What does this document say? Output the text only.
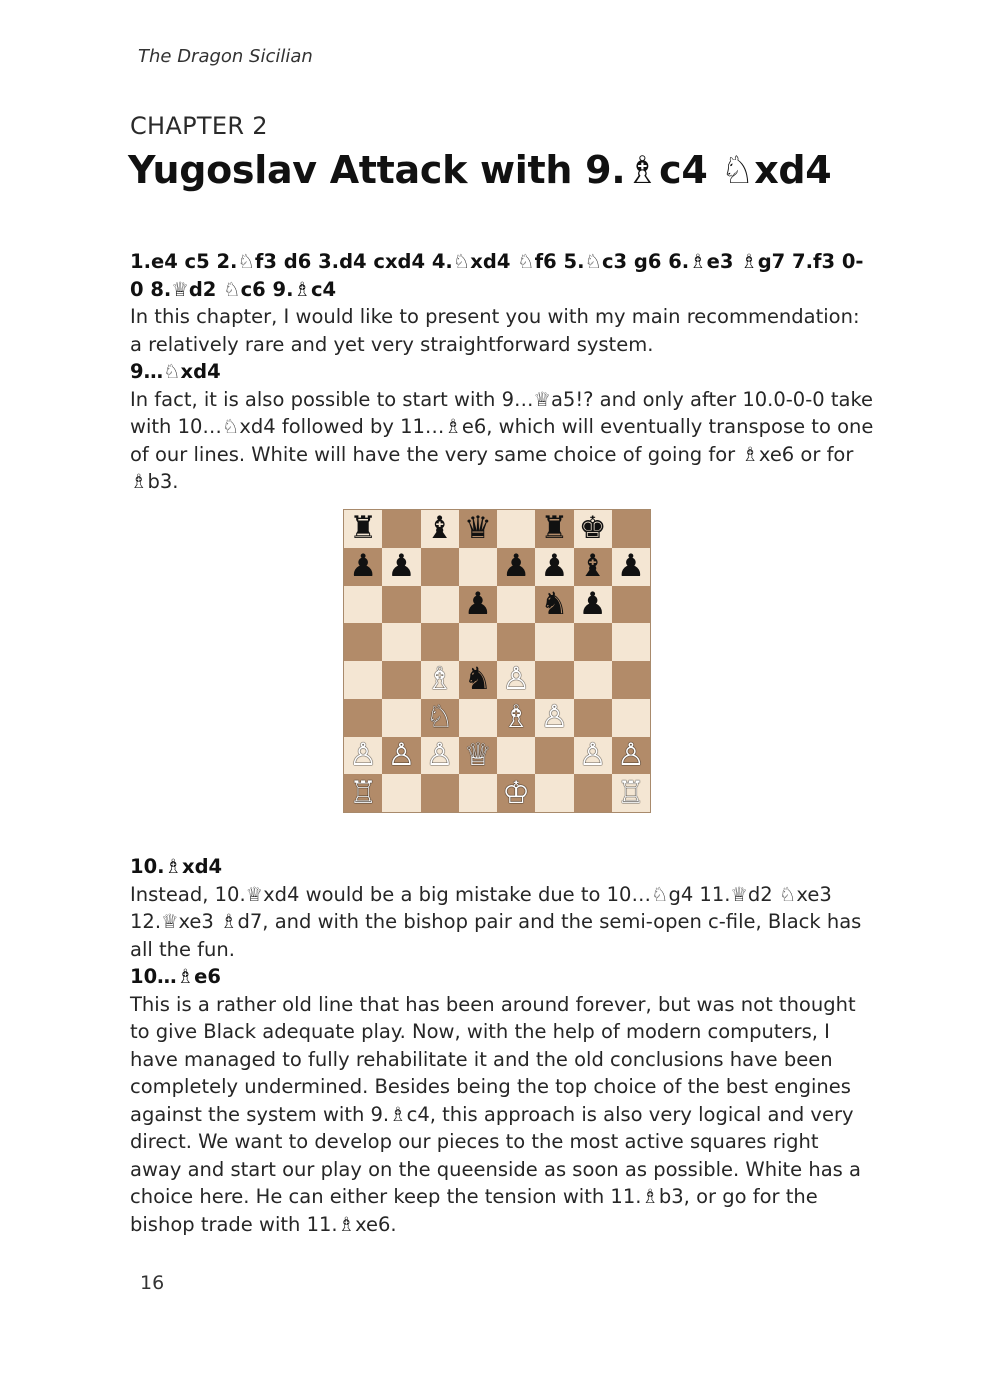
The Dragon Sicilian
CHAPTER 2
Yugoslav Attack with 9.♗c4 ♘xd4

1.e4 c5 2.♘f3 d6 3.d4 cxd4 4.♘xd4 ♘f6 5.♘c3 g6 6.♗e3 ♗g7 7.f3 0-0 8.♕d2 ♘c6 9.♗c4

In this chapter, I would like to present you with my main recommendation: a relatively rare and yet very straightforward system.

9…♘xd4

In fact, it is also possible to start with 9…♕a5!? and only after 10.0-0-0 take with 10…♘xd4 followed by 11…♗e6, which will eventually transpose to one of our lines. White will have the very same choice of going for ♗xe6 or for ♗b3.

♜ ♝ ♛ ♜ ♚
♟ ♟	♟ ♟ ♝ ♟
♟ ♞ ♟
♗ ♞ ♙
♘ ♗ ♙
♙ ♙ ♙ ♕	♙ ♙
♖	♔	♖

10.♗xd4

Instead, 10.♕xd4 would be a big mistake due to 10…♘g4 11.♕d2 ♘xe3 12.♕xe3 ♗d7, and with the bishop pair and the semi-open c-file, Black has all the fun.

10…♗e6

This is a rather old line that has been around forever, but was not thought to give Black adequate play. Now, with the help of modern computers, I have managed to fully rehabilitate it and the old conclusions have been completely undermined. Besides being the top choice of the best engines against the system with 9.♗c4, this approach is also very logical and very direct. We want to develop our pieces to the most active squares right away and start our play on the queenside as soon as possible. White has a choice here. He can either keep the tension with 11.♗b3, or go for the bishop trade with 11.♗xe6.

16
